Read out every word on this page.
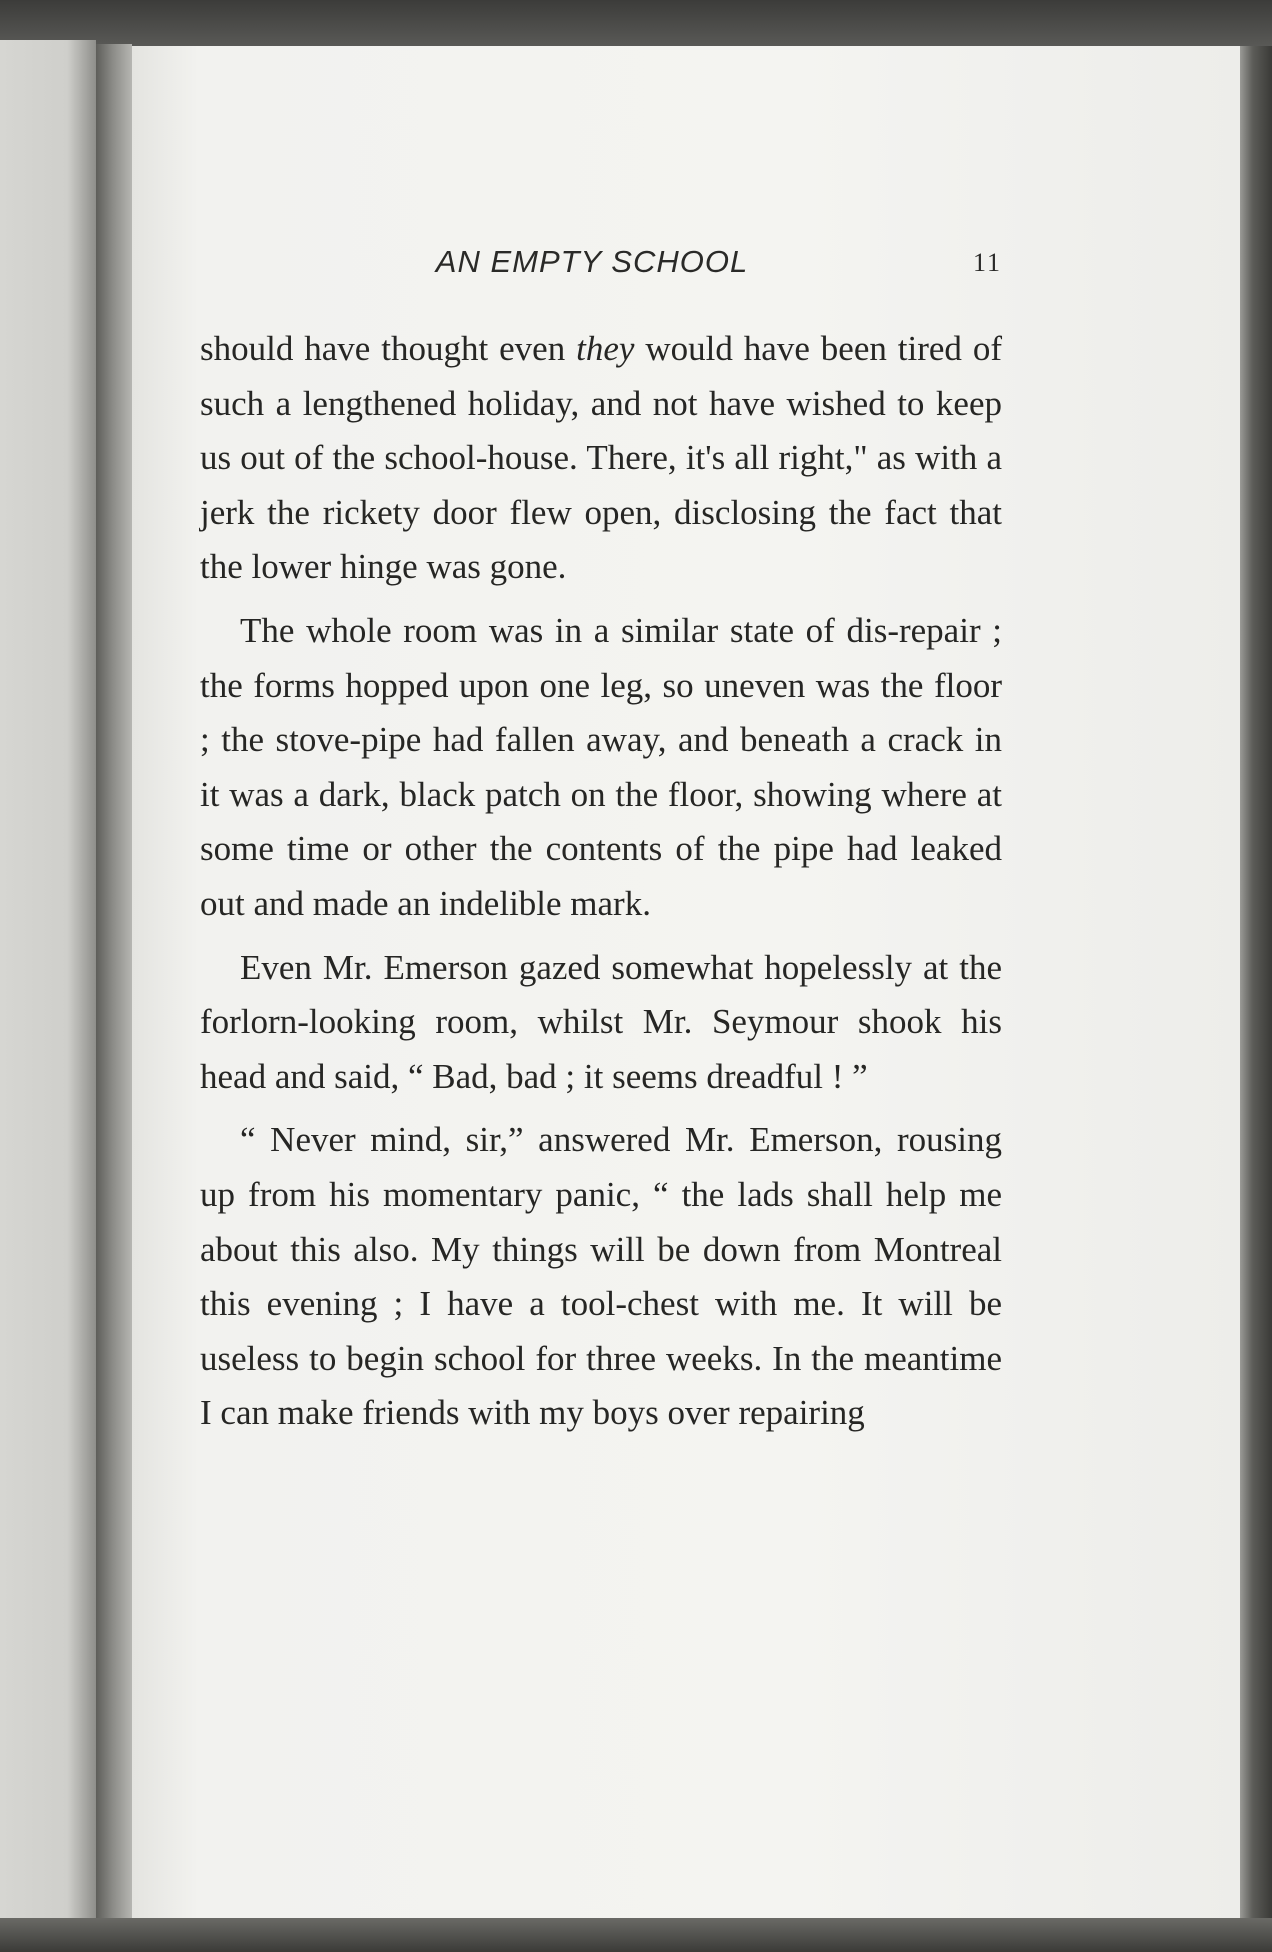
AN EMPTY SCHOOL	11

should have thought even they would have been tired of such a lengthened holiday, and not have wished to keep us out of the school-house. There, it's all right," as with a jerk the rickety door flew open, disclosing the fact that the lower hinge was gone.

The whole room was in a similar state of dis-repair ; the forms hopped upon one leg, so uneven was the floor ; the stove-pipe had fallen away, and beneath a crack in it was a dark, black patch on the floor, showing where at some time or other the contents of the pipe had leaked out and made an indelible mark.

Even Mr. Emerson gazed somewhat hopelessly at the forlorn-looking room, whilst Mr. Seymour shook his head and said, “ Bad, bad ; it seems dreadful ! ”

“ Never mind, sir,” answered Mr. Emerson, rousing up from his momentary panic, “ the lads shall help me about this also. My things will be down from Montreal this evening ; I have a tool-chest with me. It will be useless to begin school for three weeks. In the meantime I can make friends with my boys over repairing
